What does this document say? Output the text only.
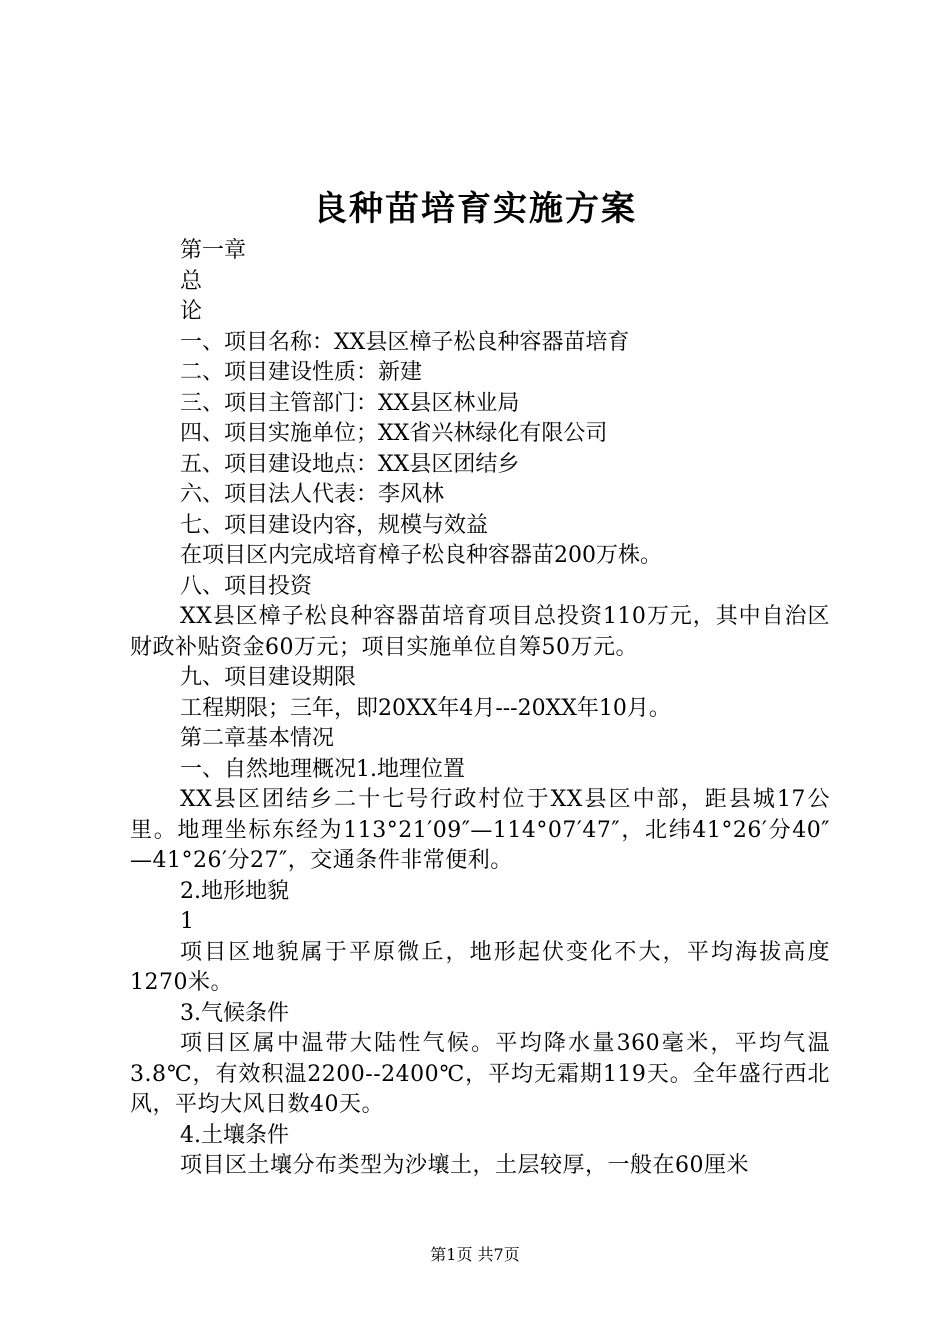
良种苗培育实施方案
第一章
总
论
一、项目名称：XX县区樟子松良种容器苗培育
二、项目建设性质：新建
三、项目主管部门：XX县区林业局
四、项目实施单位；XX省兴林绿化有限公司
五、项目建设地点：XX县区团结乡
六、项目法人代表：李风林
七、项目建设内容，规模与效益
在项目区内完成培育樟子松良种容器苗200万株。
八、项目投资
XX县区樟子松良种容器苗培育项目总投资110万元，其中自治区财政补贴资金60万元；项目实施单位自筹50万元。
九、项目建设期限
工程期限；三年，即20XX年4月---20XX年10月。
第二章基本情况
一、自然地理概况1.地理位置
XX县区团结乡二十七号行政村位于XX县区中部，距县城17公里。地理坐标东经为113°21′09″—114°07′47″，北纬41°26′分40″—41°26′分27″，交通条件非常便利。
2.地形地貌
1
项目区地貌属于平原微丘，地形起伏变化不大，平均海拔高度1270米。
3.气候条件
项目区属中温带大陆性气候。平均降水量360毫米，平均气温3.8℃，有效积温2200--2400℃，平均无霜期119天。全年盛行西北风，平均大风日数40天。
4.土壤条件
项目区土壤分布类型为沙壤土，土层较厚，一般在60厘米
第1页 共7页
